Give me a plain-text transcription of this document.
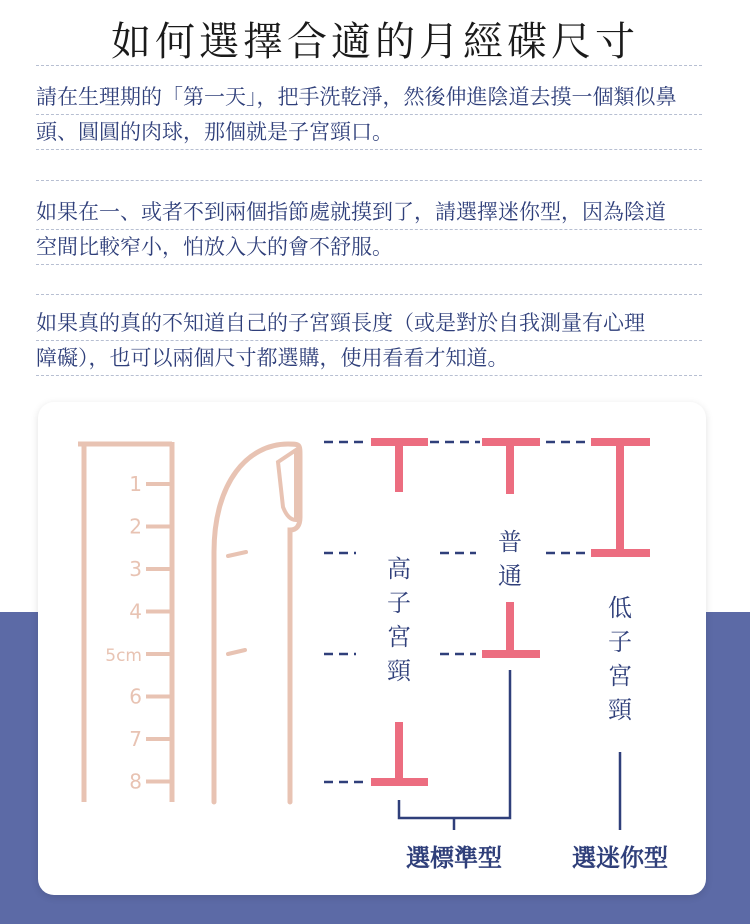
如何選擇合適的月經碟尺寸
請在生理期的「第一天」，把手洗乾淨，然後伸進陰道去摸一個類似鼻
頭、圓圓的肉球，那個就是子宮頸口。
如果在一、或者不到兩個指節處就摸到了，請選擇迷你型，因為陰道
空間比較窄小，怕放入大的會不舒服。
如果真的真的不知道自己的子宮頸長度（或是對於自我測量有心理
障礙），也可以兩個尺寸都選購，使用看看才知道。
1
2
3
4
5cm
6
7
8
高
子
宮
頸
普
通
低
子
宮
頸
選標準型	選迷你型
